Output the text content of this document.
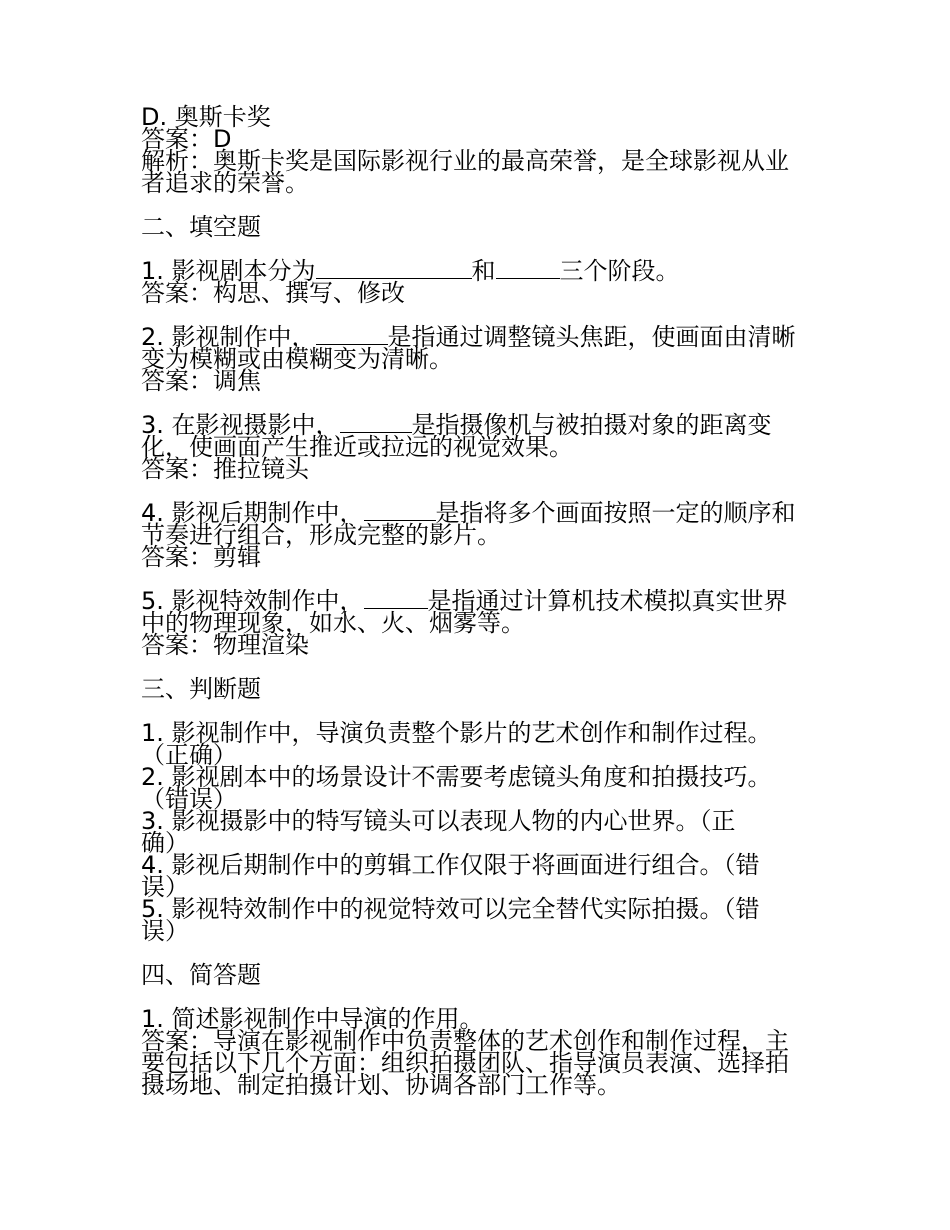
D. 奥斯卡奖
答案：D
解析：奥斯卡奖是国际影视行业的最高荣誉，是全球影视从业
者追求的荣誉。
二、填空题
1. 影视剧本分为	和	三个阶段。
答案：构思、撰写、修改
2. 影视制作中，	是指通过调整镜头焦距，使画面由清晰
变为模糊或由模糊变为清晰。
答案：调焦
3. 在影视摄影中，	是指摄像机与被拍摄对象的距离变
化，使画面产生推近或拉远的视觉效果。
答案：推拉镜头
4. 影视后期制作中，	是指将多个画面按照一定的顺序和
节奏进行组合，形成完整的影片。
答案：剪辑
5. 影视特效制作中，	是指通过计算机技术模拟真实世界
中的物理现象，如水、火、烟雾等。
答案：物理渲染
三、判断题
1. 影视制作中，导演负责整个影片的艺术创作和制作过程。
（正确）
2. 影视剧本中的场景设计不需要考虑镜头角度和拍摄技巧。
（错误）
3. 影视摄影中的特写镜头可以表现人物的内心世界。（正
确）
4. 影视后期制作中的剪辑工作仅限于将画面进行组合。（错
误）
5. 影视特效制作中的视觉特效可以完全替代实际拍摄。（错
误）
四、简答题
1. 简述影视制作中导演的作用。
答案：导演在影视制作中负责整体的艺术创作和制作过程，主
要包括以下几个方面：组织拍摄团队、指导演员表演、选择拍
摄场地、制定拍摄计划、协调各部门工作等。
